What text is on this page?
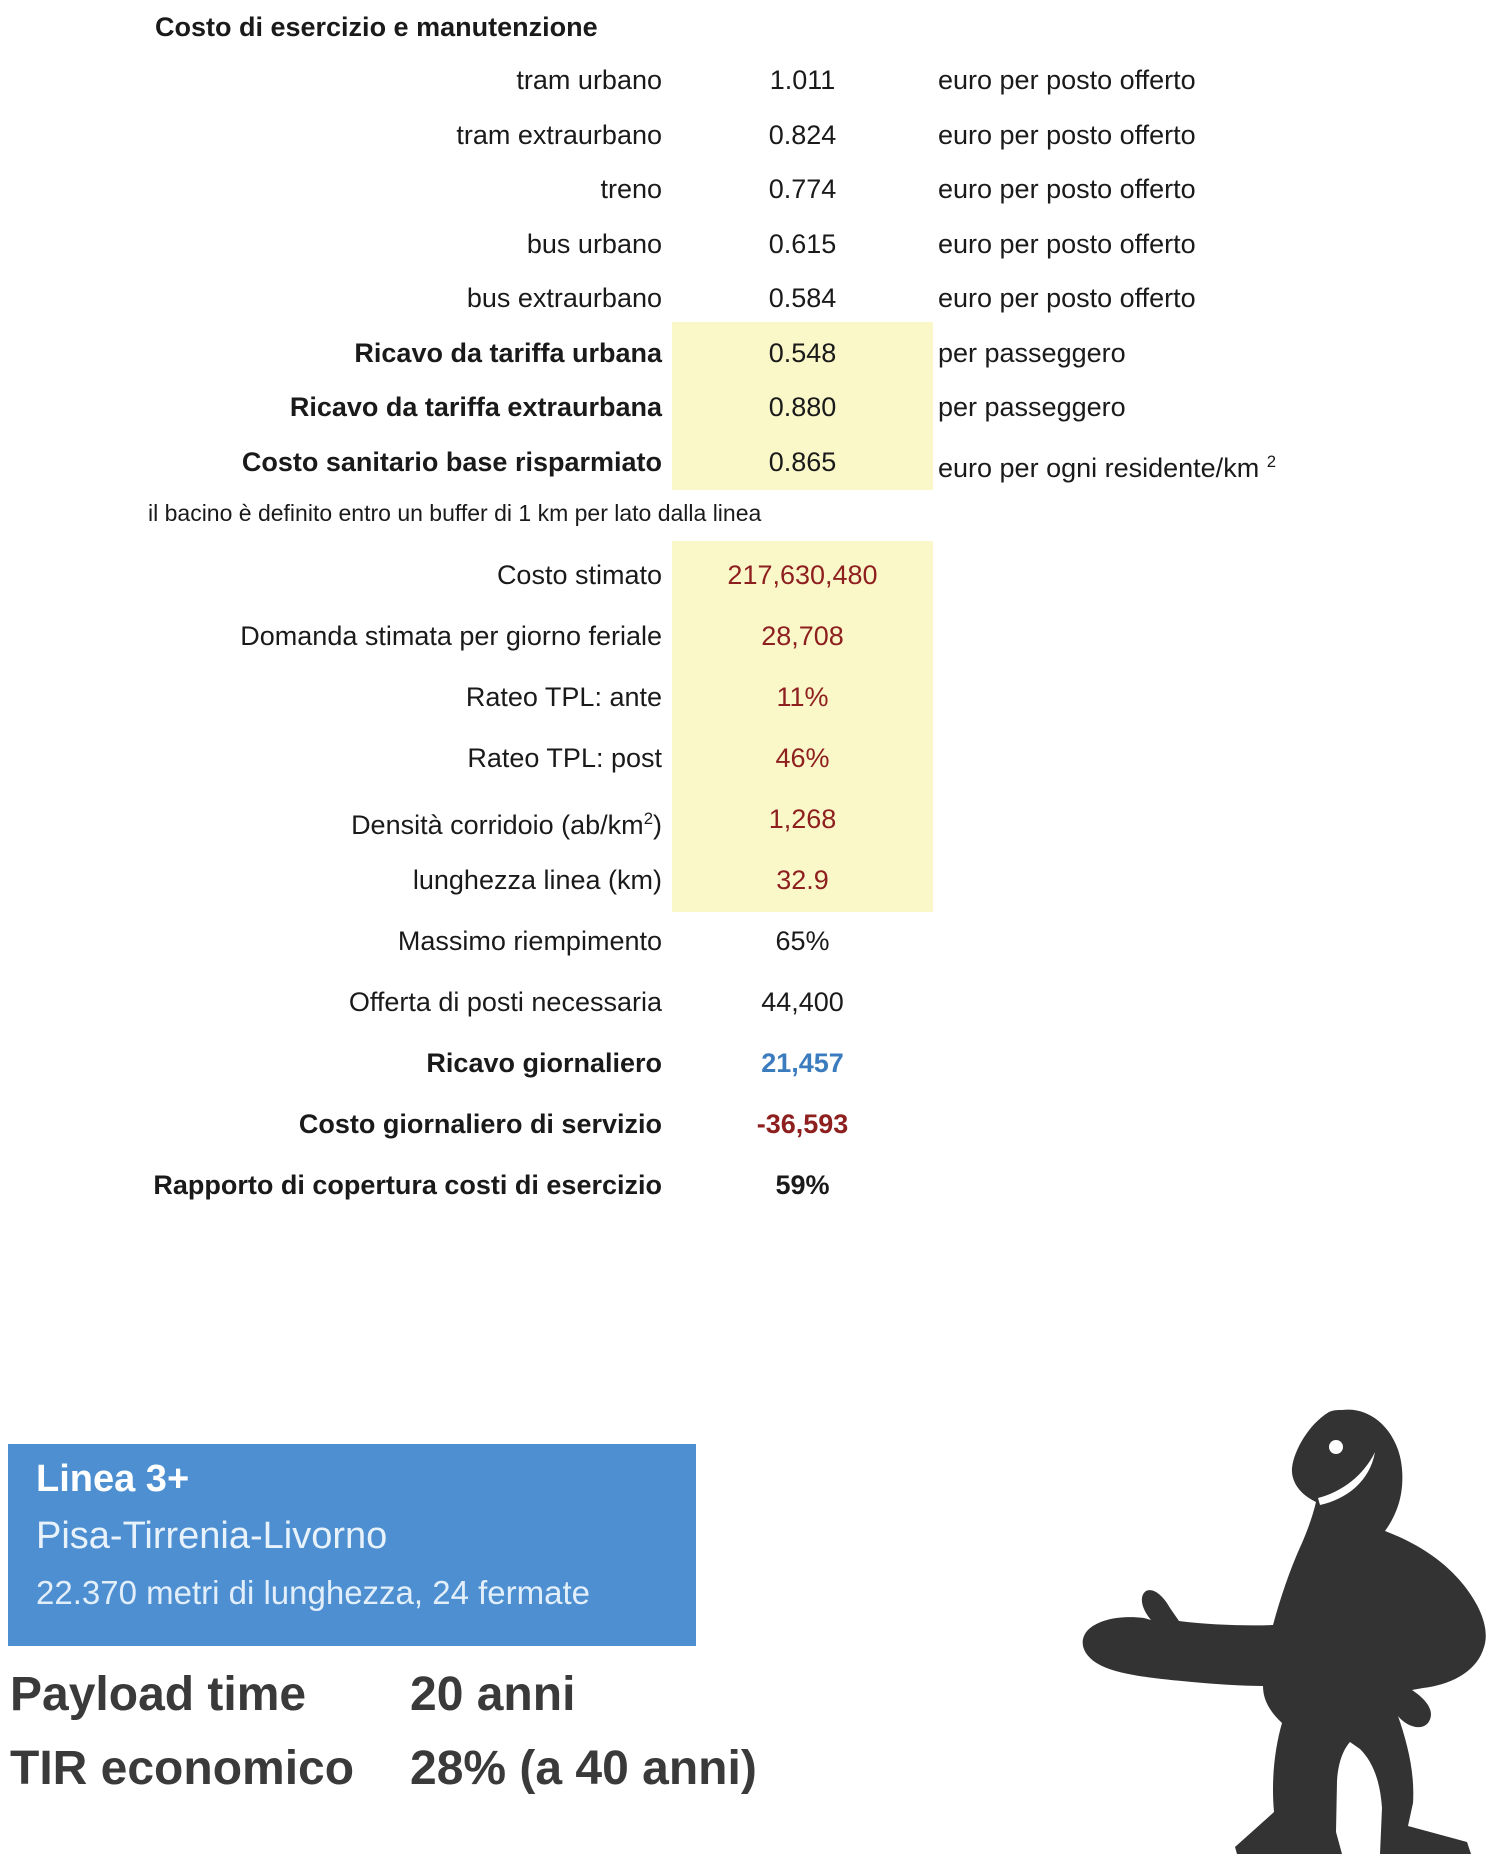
Costo di esercizio e manutenzione
tram urbano	1.011	euro per posto offerto
tram extraurbano	0.824	euro per posto offerto
treno	0.774	euro per posto offerto
bus urbano	0.615	euro per posto offerto
bus extraurbano	0.584	euro per posto offerto
Ricavo da tariffa urbana	0.548	per passeggero
Ricavo da tariffa extraurbana	0.880	per passeggero
Costo sanitario base risparmiato	0.865	euro per ogni residente/km $^2$
Costo stimato	217,630,480
Domanda stimata per giorno feriale	28,708
Rateo TPL: ante	11%
Rateo TPL: post	46%
Densità corridoio $(ab/km^2)$	1,268
lunghezza linea (km)	32.9
Massimo riempimento	65%
Offerta di posti necessaria	44,400
Ricavo giornaliero	21,457
Costo giornaliero di servizio	-36,593
Rapporto di copertura costi di esercizio	59%
il bacino è definito entro un buffer di 1 km per lato dalla linea
Linea 3+
Pisa-Tirrenia-Livorno
22.370 metri di lunghezza, 24 fermate
Payload time 20 anni
TIR economico 28% (a 40 anni)
